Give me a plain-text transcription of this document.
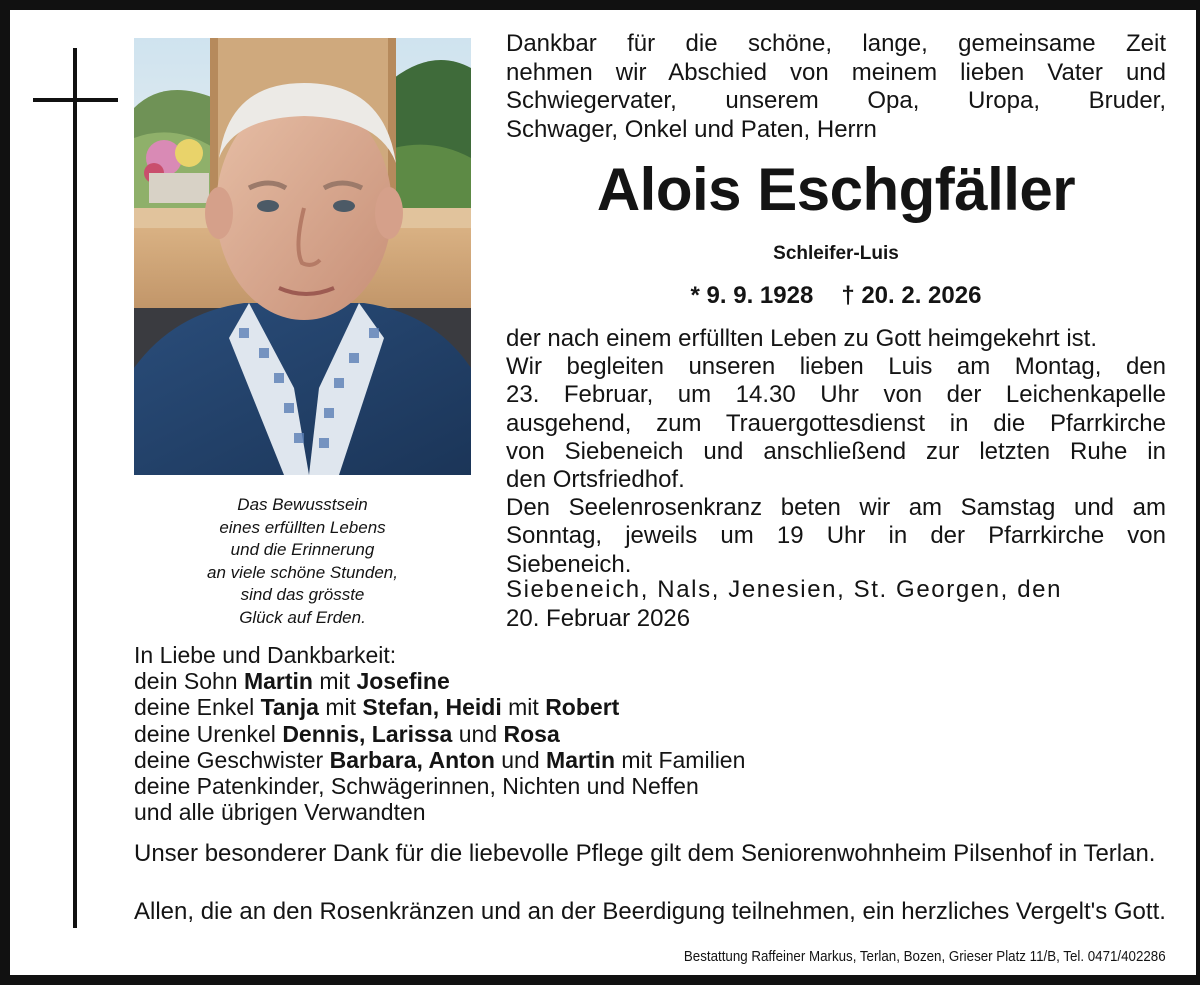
Das Bewusstsein
eines erfüllten Lebens
und die Erinnerung
an viele schöne Stunden,
sind das grösste
Glück auf Erden.
Dankbar für die schöne, lange, gemeinsame Zeit
nehmen wir Abschied von meinem lieben Vater und
Schwiegervater, unserem Opa, Uropa, Bruder,
Schwager, Onkel und Paten, Herrn
Alois Eschgfäller
Schleifer-Luis
* 9. 9. 1928 † 20. 2. 2026
der nach einem erfüllten Leben zu Gott heimgekehrt ist.
Wir begleiten unseren lieben Luis am Montag, den
23. Februar, um 14.30 Uhr von der Leichenkapelle
ausgehend, zum Trauergottesdienst in die Pfarrkirche
von Siebeneich und anschließend zur letzten Ruhe in
den Ortsfriedhof.
Den Seelenrosenkranz beten wir am Samstag und am
Sonntag, jeweils um 19 Uhr in der Pfarrkirche von
Siebeneich.
Siebeneich, Nals, Jenesien, St. Georgen, den
20. Februar 2026
In Liebe und Dankbarkeit:
dein Sohn Martin mit Josefine
deine Enkel Tanja mit Stefan, Heidi mit Robert
deine Urenkel Dennis, Larissa und Rosa
deine Geschwister Barbara, Anton und Martin mit Familien
deine Patenkinder, Schwägerinnen, Nichten und Neffen
und alle übrigen Verwandten
Unser besonderer Dank für die liebevolle Pflege gilt dem Seniorenwohnheim Pilsenhof in Terlan.
Allen, die an den Rosenkränzen und an der Beerdigung teilnehmen, ein herzliches Vergelt's Gott.
Bestattung Raffeiner Markus, Terlan, Bozen, Grieser Platz 11/B, Tel. 0471/402286
